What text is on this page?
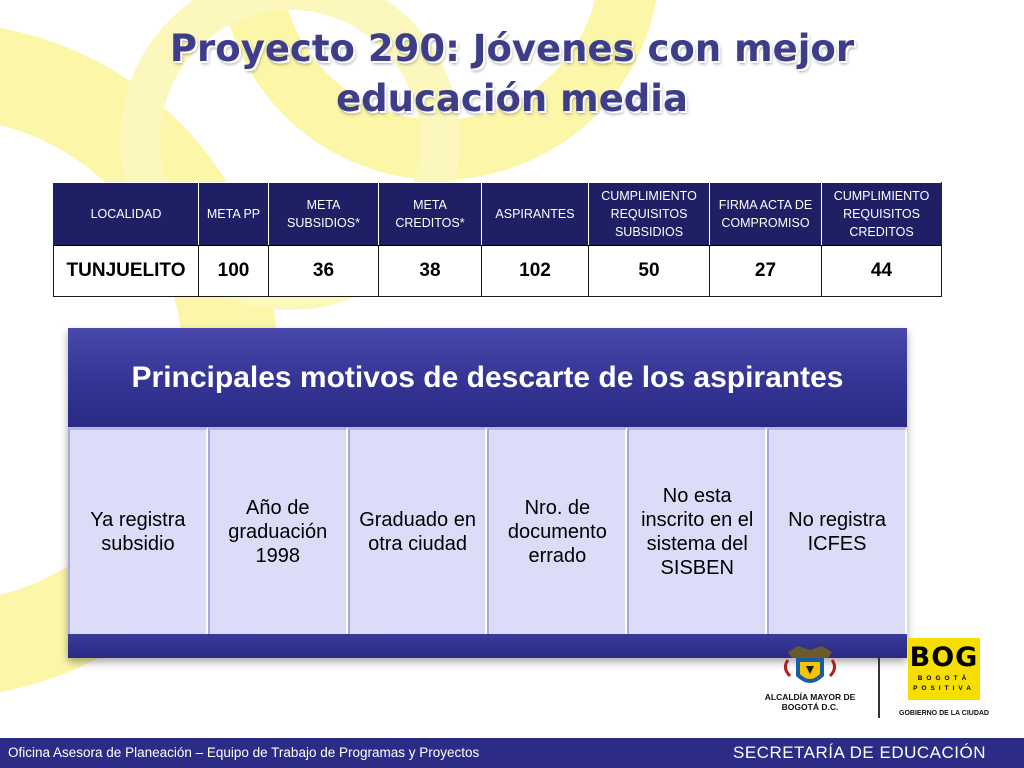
Proyecto 290: Jóvenes con mejor educación media
LOCALIDAD	META PP	META SUBSIDIOS*	META CREDITOS*	ASPIRANTES	CUMPLIMIENTO REQUISITOS SUBSIDIOS	FIRMA ACTA DE COMPROMISO	CUMPLIMIENTO REQUISITOS CREDITOS
TUNJUELITO	100	36	38	102	50	27	44
Principales motivos de descarte de los aspirantes
Ya registra subsidio
Año de graduación 1998
Graduado en otra ciudad
Nro. de documento errado
No esta inscrito en el sistema del SISBEN
No registra ICFES
ALCALDÍA MAYOR DE BOGOTÁ D.C.
BOG
BOGOTÁ
POSITIVA
GOBIERNO DE LA CIUDAD
Oficina Asesora de Planeación – Equipo de Trabajo de Programas y Proyectos	SECRETARÍA DE EDUCACIÓN
